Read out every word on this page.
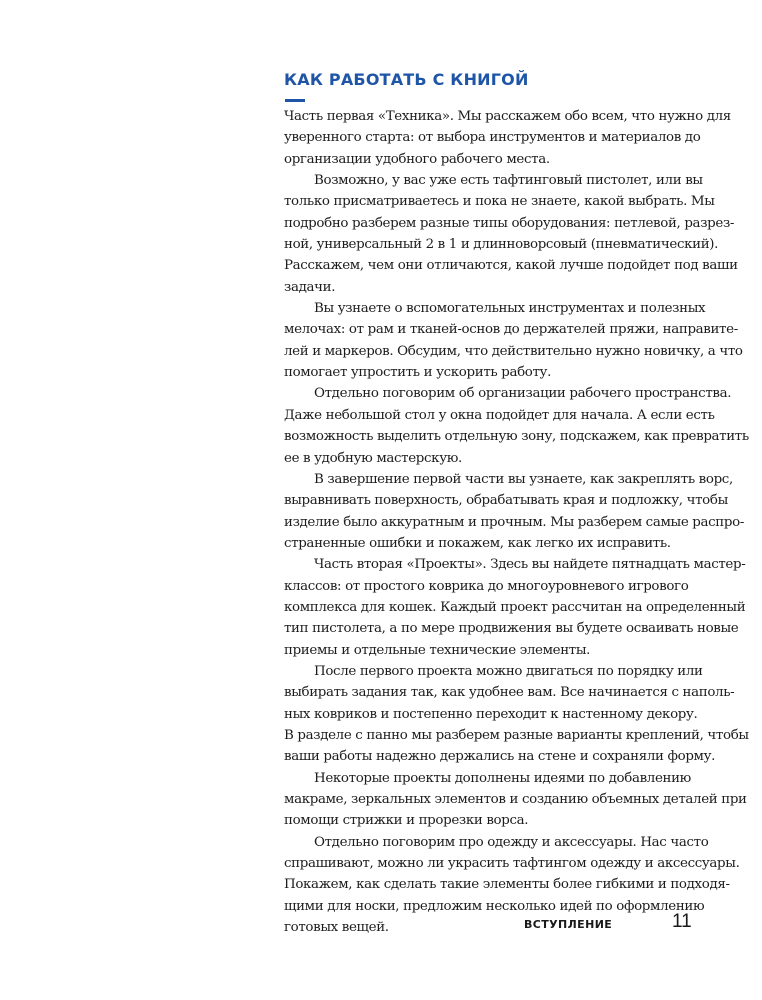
КАК РАБОТАТЬ С КНИГОЙ
Часть первая «Техника». Мы расскажем обо всем, что нужно для
уверенного старта: от выбора инструментов и материалов до
организации удобного рабочего места.
Возможно, у вас уже есть тафтинговый пистолет, или вы
только присматриваетесь и пока не знаете, какой выбрать. Мы
подробно разберем разные типы оборудования: петлевой, разрез-
ной, универсальный 2 в 1 и длинноворсовый (пневматический).
Расскажем, чем они отличаются, какой лучше подойдет под ваши
задачи.
Вы узнаете о вспомогательных инструментах и полезных
мелочах: от рам и тканей-основ до держателей пряжи, направите-
лей и маркеров. Обсудим, что действительно нужно новичку, а что
помогает упростить и ускорить работу.
Отдельно поговорим об организации рабочего пространства.
Даже небольшой стол у окна подойдет для начала. А если есть
возможность выделить отдельную зону, подскажем, как превратить
ее в удобную мастерскую.
В завершение первой части вы узнаете, как закреплять ворс,
выравнивать поверхность, обрабатывать края и подложку, чтобы
изделие было аккуратным и прочным. Мы разберем самые распро-
страненные ошибки и покажем, как легко их исправить.
Часть вторая «Проекты». Здесь вы найдете пятнадцать мастер-
классов: от простого коврика до многоуровневого игрового
комплекса для кошек. Каждый проект рассчитан на определенный
тип пистолета, а по мере продвижения вы будете осваивать новые
приемы и отдельные технические элементы.
После первого проекта можно двигаться по порядку или
выбирать задания так, как удобнее вам. Все начинается с наполь-
ных ковриков и постепенно переходит к настенному декору.
В разделе с панно мы разберем разные варианты креплений, чтобы
ваши работы надежно держались на стене и сохраняли форму.
Некоторые проекты дополнены идеями по добавлению
макраме, зеркальных элементов и созданию объемных деталей при
помощи стрижки и прорезки ворса.
Отдельно поговорим про одежду и аксессуары. Нас часто
спрашивают, можно ли украсить тафтингом одежду и аксессуары.
Покажем, как сделать такие элементы более гибкими и подходя-
щими для носки, предложим несколько идей по оформлению
готовых вещей.	ВСТУПЛЕНИЕ	11
